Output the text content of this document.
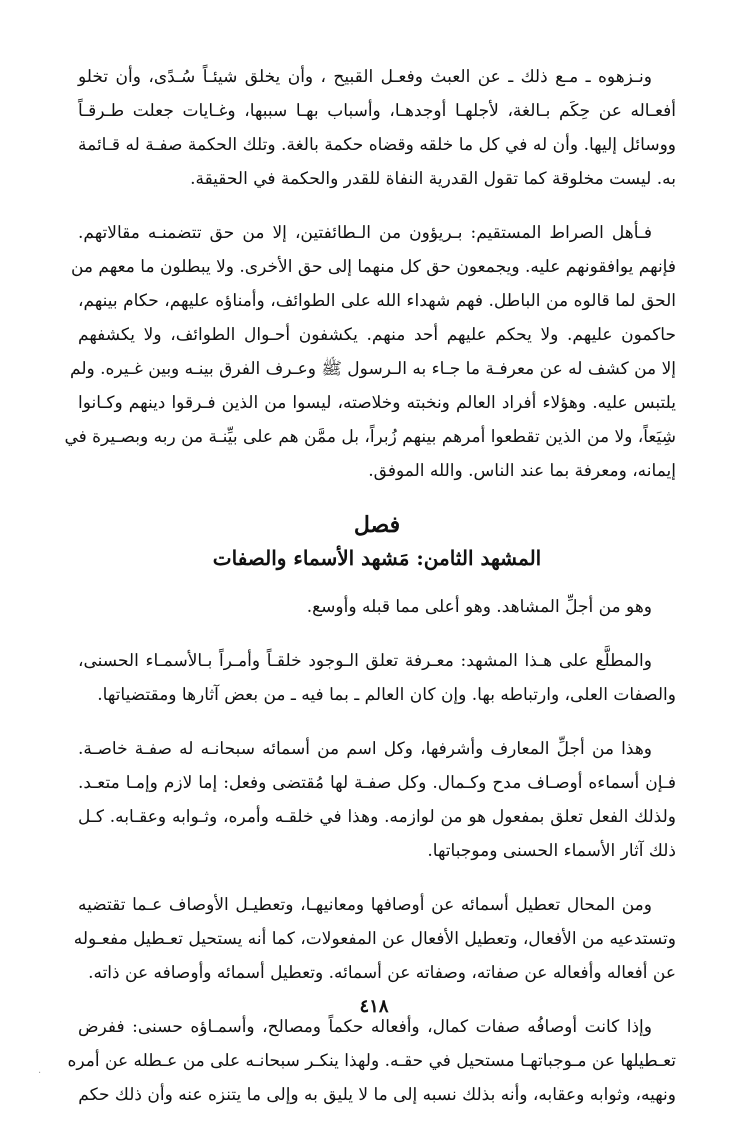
ونـزهوه ـ مـع ذلك ـ عن العبث وفعـل القبيح ، وأن يخلق شيئـاً سُـدًى، وأن تخلو
أفعـاله عن حِكَم بـالغة، لأجلهـا أوجدهـا، وأسباب بهـا سببها، وغـايات جعلت طـرقـاً
ووسائل إليها. وأن له في كل ما خلقه وقضاه حكمة بالغة. وتلك الحكمة صفـة له قـائمة
به. ليست مخلوقة كما تقول القدرية النفاة للقدر والحكمة في الحقيقة.

فـأهل الصراط المستقيم: بـريؤون من الـطائفتين، إلا من حق تتضمنـه مقالاتهم.
فإنهم يوافقونهم عليه. ويجمعون حق كل منهما إلى حق الأخرى. ولا يبطلون ما معهم من
الحق لما قالوه من الباطل. فهم شهداء الله على الطوائف، وأمناؤه عليهم، حكام بينهم،
حاكمون عليهم. ولا يحكم عليهم أحد منهم. يكشفون أحـوال الطوائف، ولا يكشفهم
إلا من كشف له عن معرفـة ما جـاء به الـرسول ﷺ وعـرف الفرق بينـه وبين غـيره. ولم
يلتبس عليه. وهؤلاء أفراد العالم ونخبته وخلاصته، ليسوا من الذين فـرقوا دينهم وكـانوا
شِيَعاً، ولا من الذين تقطعوا أمرهم بينهم زُبراً، بل ممَّن هم على بيِّنـة من ربه وبصـيرة في
إيمانه، ومعرفة بما عند الناس. والله الموفق.

فصل
المشهد الثامن: مَشهد الأسماء والصفات

وهو من أجلِّ المشاهد. وهو أعلى مما قبله وأوسع.

والمطلَّع على هـذا المشهد: معـرفة تعلق الـوجود خلقـاً وأمـراً بـالأسمـاء الحسنى،
والصفات العلى، وارتباطه بها. وإن كان العالم ـ بما فيه ـ من بعض آثارها ومقتضياتها.

وهذا من أجلِّ المعارف وأشرفها، وكل اسم من أسمائه سبحانـه له صفـة خاصـة.
فـإن أسماءه أوصـاف مدح وكـمال. وكل صفـة لها مُقتضى وفعل: إما لازم وإمـا متعـد.
ولذلك الفعل تعلق بمفعول هو من لوازمه. وهذا في خلقـه وأمره، وثـوابه وعقـابه. كـل
ذلك آثار الأسماء الحسنى وموجباتها.

ومن المحال تعطيل أسمائه عن أوصافها ومعانيهـا، وتعطيـل الأوصاف عـما تقتضيه
وتستدعيه من الأفعال، وتعطيل الأفعال عن المفعولات، كما أنه يستحيل تعـطيل مفعـوله
عن أفعاله وأفعاله عن صفاته، وصفاته عن أسمائه. وتعطيل أسمائه وأوصافه عن ذاته.

وإذا كانت أوصافُه صفات كمال، وأفعاله حكماً ومصالح، وأسمـاؤه حسنى: ففرض
تعـطيلها عن مـوجباتهـا مستحيل في حقـه. ولهذا ينكـر سبحانـه على من عـطله عن أمره
ونهيه، وثوابه وعقابه، وأنه بذلك نسبه إلى ما لا يليق به وإلى ما يتنزه عنه وأن ذلك حكم

٤١٨
·
